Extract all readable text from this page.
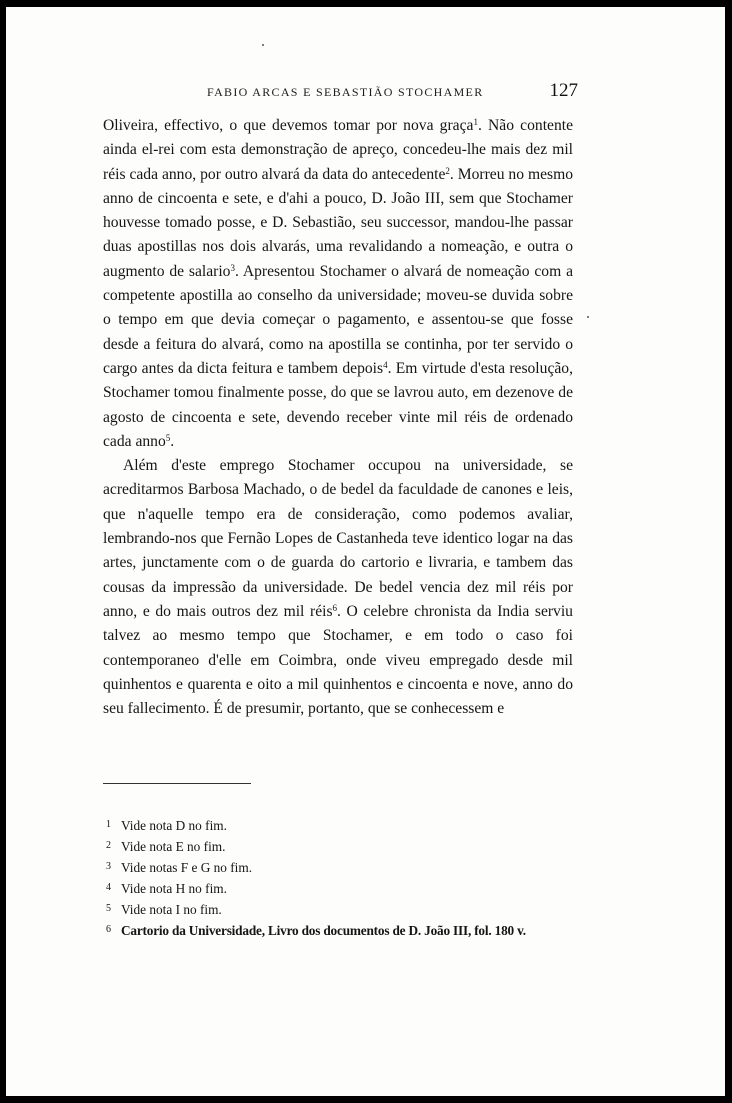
FABIO ARCAS E SEBASTIÃO STOCHAMER	127

Oliveira, effectivo, o que devemos tomar por nova graça$^1$. Não contente ainda el-rei com esta demonstração de apreço, concedeu-lhe mais dez mil réis cada anno, por outro alvará da data do antecedente$^2$. Morreu no mesmo anno de cincoenta e sete, e d'ahi a pouco, D. João III, sem que Stochamer houvesse tomado posse, e D. Sebastião, seu successor, mandou-lhe passar duas apostillas nos dois alvarás, uma revalidando a nomeação, e outra o augmento de salario$^3$. Apresentou Stochamer o alvará de nomeação com a competente apostilla ao conselho da universidade; moveu-se duvida sobre o tempo em que devia começar o pagamento, e assentou-se que fosse desde a feitura do alvará, como na apostilla se continha, por ter servido o cargo antes da dicta feitura e tambem depois$^4$. Em virtude d'esta resolução, Stochamer tomou finalmente posse, do que se lavrou auto, em dezenove de agosto de cincoenta e sete, devendo receber vinte mil réis de ordenado cada anno$^5$.

Além d'este emprego Stochamer occupou na universidade, se acreditarmos Barbosa Machado, o de bedel da faculdade de canones e leis, que n'aquelle tempo era de consideração, como podemos avaliar, lembrando-nos que Fernão Lopes de Castanheda teve identico logar na das artes, junctamente com o de guarda do cartorio e livraria, e tambem das cousas da impressão da universidade. De bedel vencia dez mil réis por anno, e do mais outros dez mil réis$^6$. O celebre chronista da India serviu talvez ao mesmo tempo que Stochamer, e em todo o caso foi contemporaneo d'elle em Coimbra, onde viveu empregado desde mil quinhentos e quarenta e oito a mil quinhentos e cincoenta e nove, anno do seu fallecimento. É de presumir, portanto, que se conhecessem e

1 Vide nota D no fim.
2 Vide nota E no fim.
3 Vide notas F e G no fim.
4 Vide nota H no fim.
5 Vide nota I no fim.
6 Cartorio da Universidade, Livro dos documentos de D. João III, fol. 180 v.
